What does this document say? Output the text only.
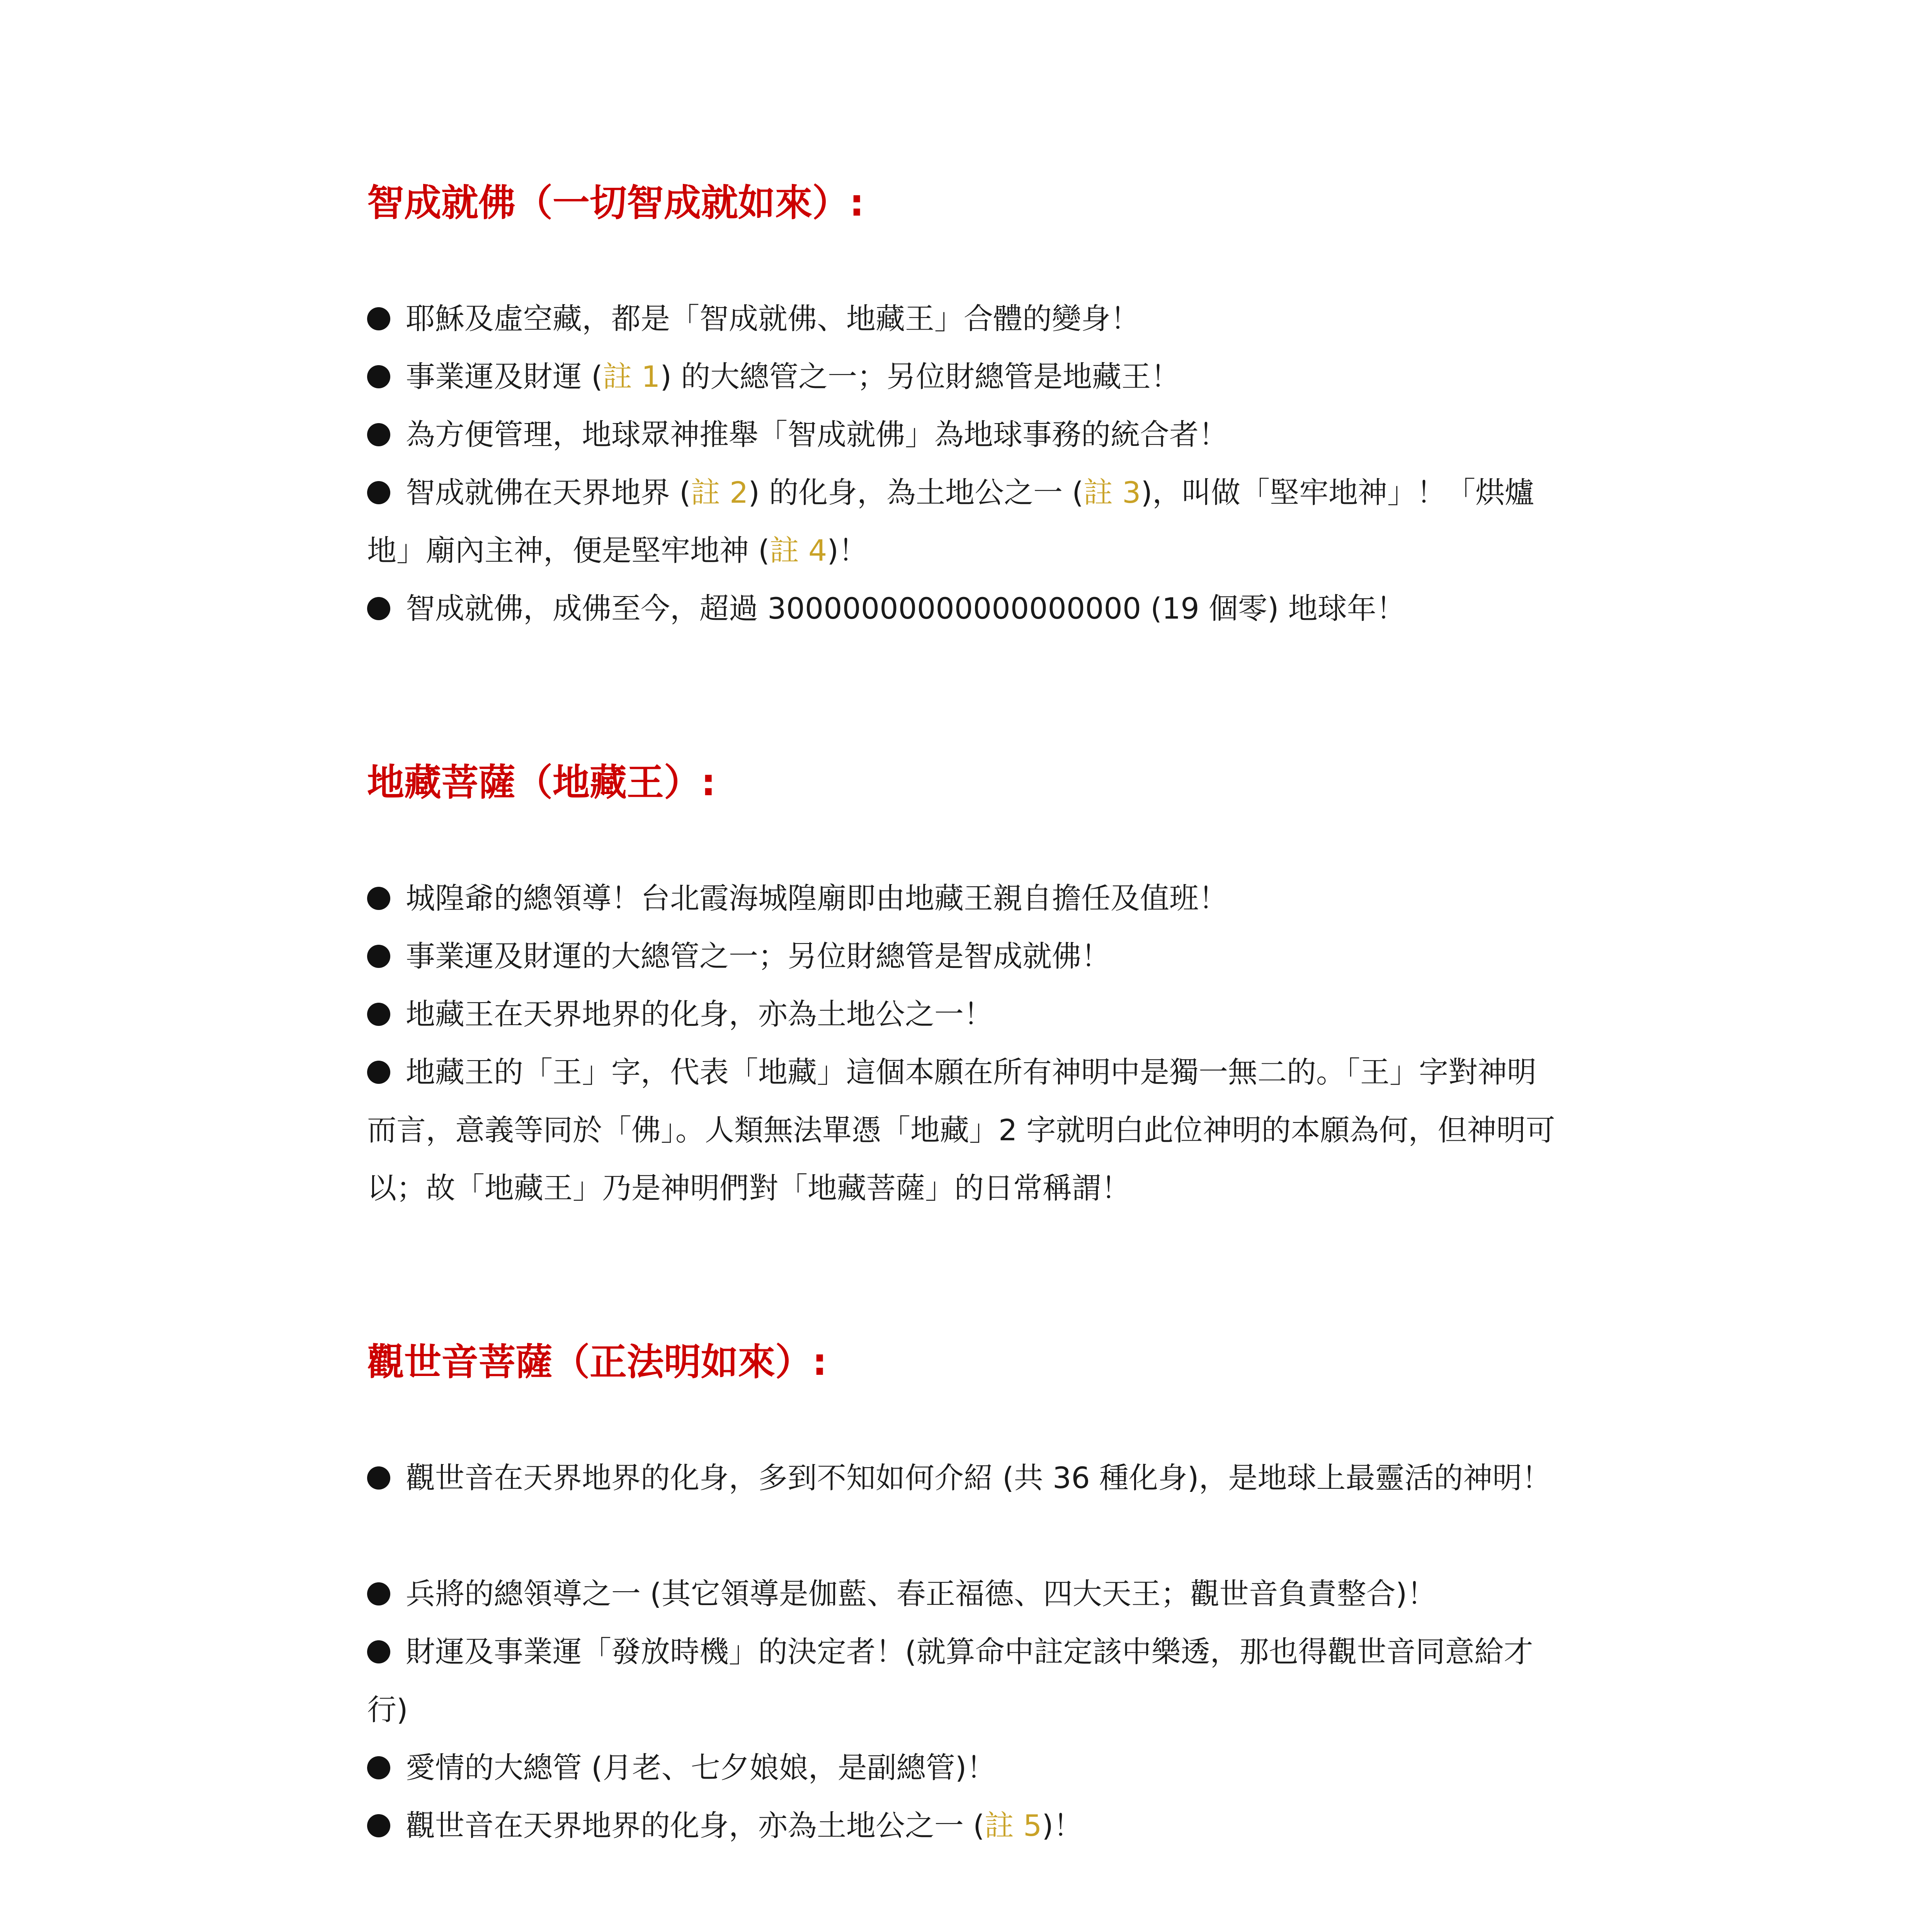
智成就佛（一切智成就如來）:

耶穌及虛空藏，都是「智成就佛、地藏王」合體的變身！

事業運及財運 (註 1) 的大總管之一；另位財總管是地藏王！

為方便管理，地球眾神推舉「智成就佛」為地球事務的統合者！

智成就佛在天界地界 (註 2) 的化身，為土地公之一 (註 3)，叫做「堅牢地神」！「烘爐地」廟內主神，便是堅牢地神 (註 4)！

智成就佛，成佛至今，超過 30000000000000000000 (19 個零) 地球年！

地藏菩薩（地藏王）:

城隍爺的總領導！台北霞海城隍廟即由地藏王親自擔任及值班！

事業運及財運的大總管之一；另位財總管是智成就佛！

地藏王在天界地界的化身，亦為土地公之一！

地藏王的「王」字，代表「地藏」這個本願在所有神明中是獨一無二的。「王」字對神明而言，意義等同於「佛」。人類無法單憑「地藏」2 字就明白此位神明的本願為何，但神明可以；故「地藏王」乃是神明們對「地藏菩薩」的日常稱謂！

觀世音菩薩（正法明如來）:

觀世音在天界地界的化身，多到不知如何介紹 (共 36 種化身)，是地球上最靈活的神明！

兵將的總領導之一 (其它領導是伽藍、春正福德、四大天王；觀世音負責整合)！

財運及事業運「發放時機」的決定者！(就算命中註定該中樂透，那也得觀世音同意給才行)

愛情的大總管 (月老、七夕娘娘，是副總管)！

觀世音在天界地界的化身，亦為土地公之一 (註 5)！
